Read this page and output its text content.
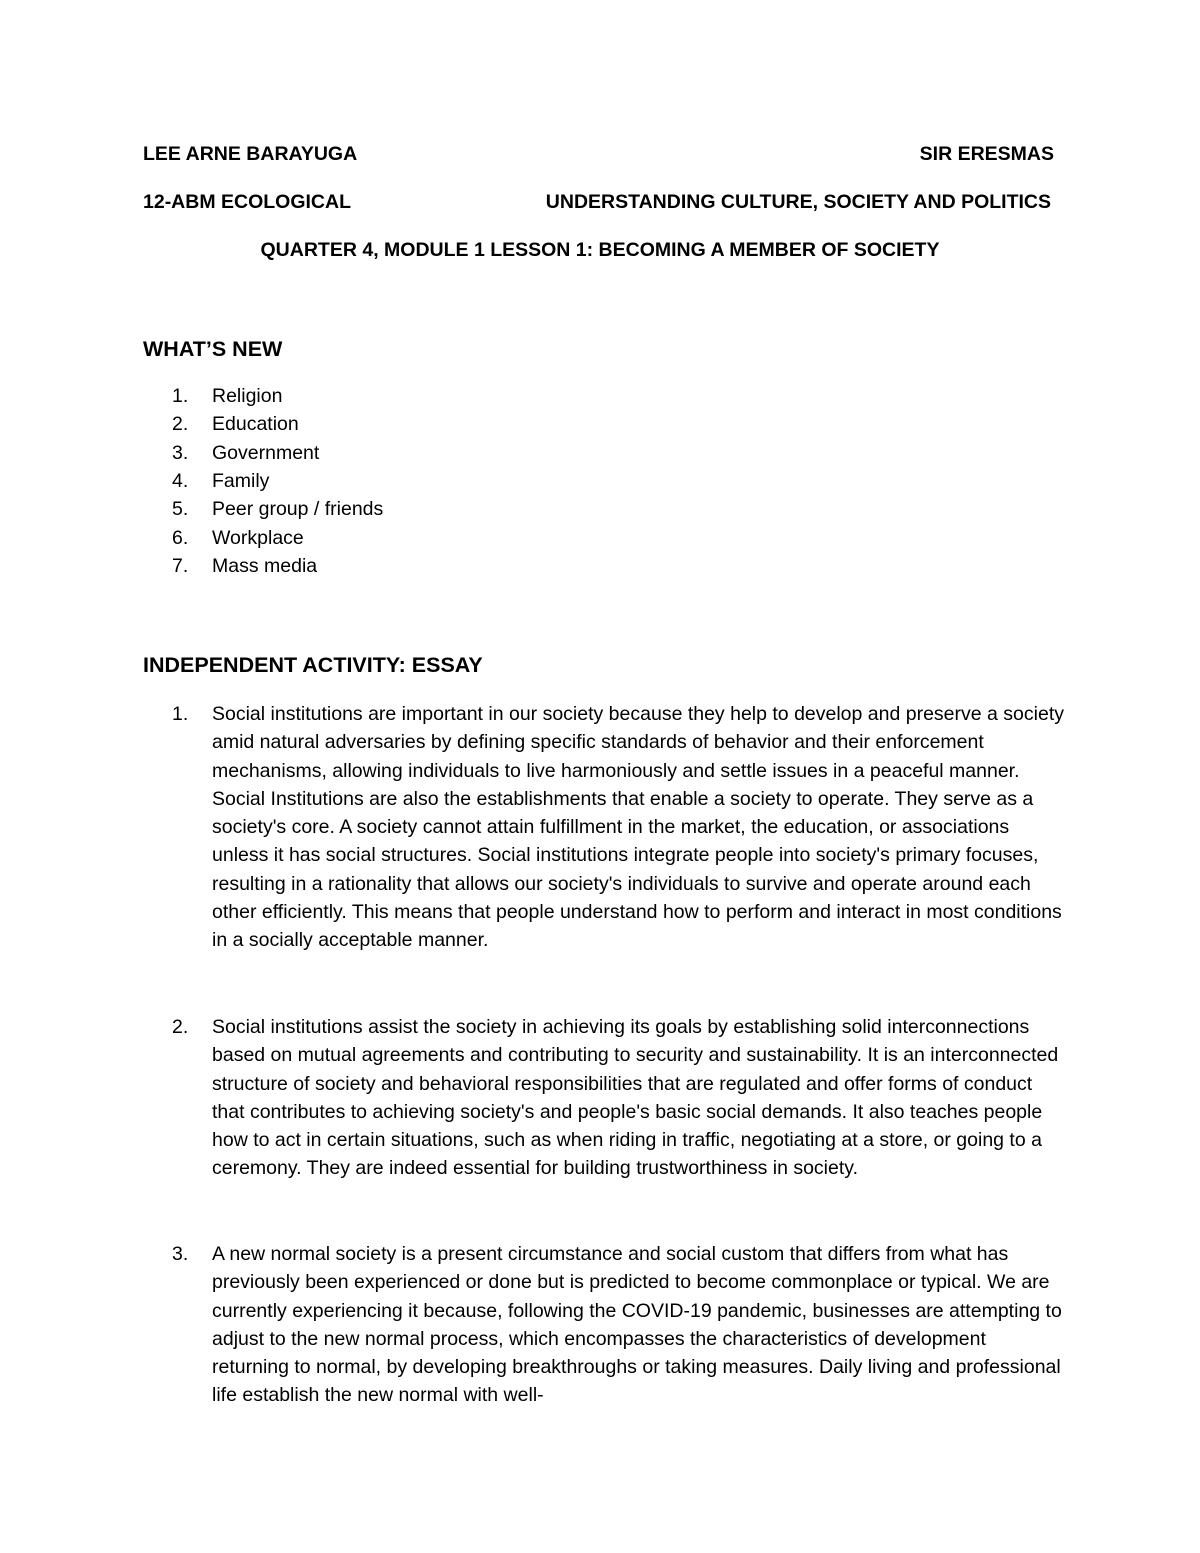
LEE ARNE BARAYUGA	SIR ERESMAS
12-ABM ECOLOGICAL	UNDERSTANDING CULTURE, SOCIETY AND POLITICS
QUARTER 4, MODULE 1 LESSON 1: BECOMING A MEMBER OF SOCIETY
WHAT’S NEW
1.	Religion
2.	Education
3.	Government
4.	Family
5.	Peer group / friends
6.	Workplace
7.	Mass media
INDEPENDENT ACTIVITY: ESSAY
1.	Social institutions are important in our society because they help to develop and preserve a society amid natural adversaries by defining specific standards of behavior and their enforcement mechanisms, allowing individuals to live harmoniously and settle issues in a peaceful manner. Social Institutions are also the establishments that enable a society to operate. They serve as a society's core. A society cannot attain fulfillment in the market, the education, or associations unless it has social structures. Social institutions integrate people into society's primary focuses, resulting in a rationality that allows our society's individuals to survive and operate around each other efficiently. This means that people understand how to perform and interact in most conditions in a socially acceptable manner.

2.	Social institutions assist the society in achieving its goals by establishing solid interconnections based on mutual agreements and contributing to security and sustainability. It is an interconnected structure of society and behavioral responsibilities that are regulated and offer forms of conduct that contributes to achieving society's and people's basic social demands. It also teaches people how to act in certain situations, such as when riding in traffic, negotiating at a store, or going to a ceremony. They are indeed essential for building trustworthiness in society.

3.	A new normal society is a present circumstance and social custom that differs from what has previously been experienced or done but is predicted to become commonplace or typical. We are currently experiencing it because, following the COVID-19 pandemic, businesses are attempting to adjust to the new normal process, which encompasses the characteristics of development returning to normal, by developing breakthroughs or taking measures. Daily living and professional life establish the new normal with well-
